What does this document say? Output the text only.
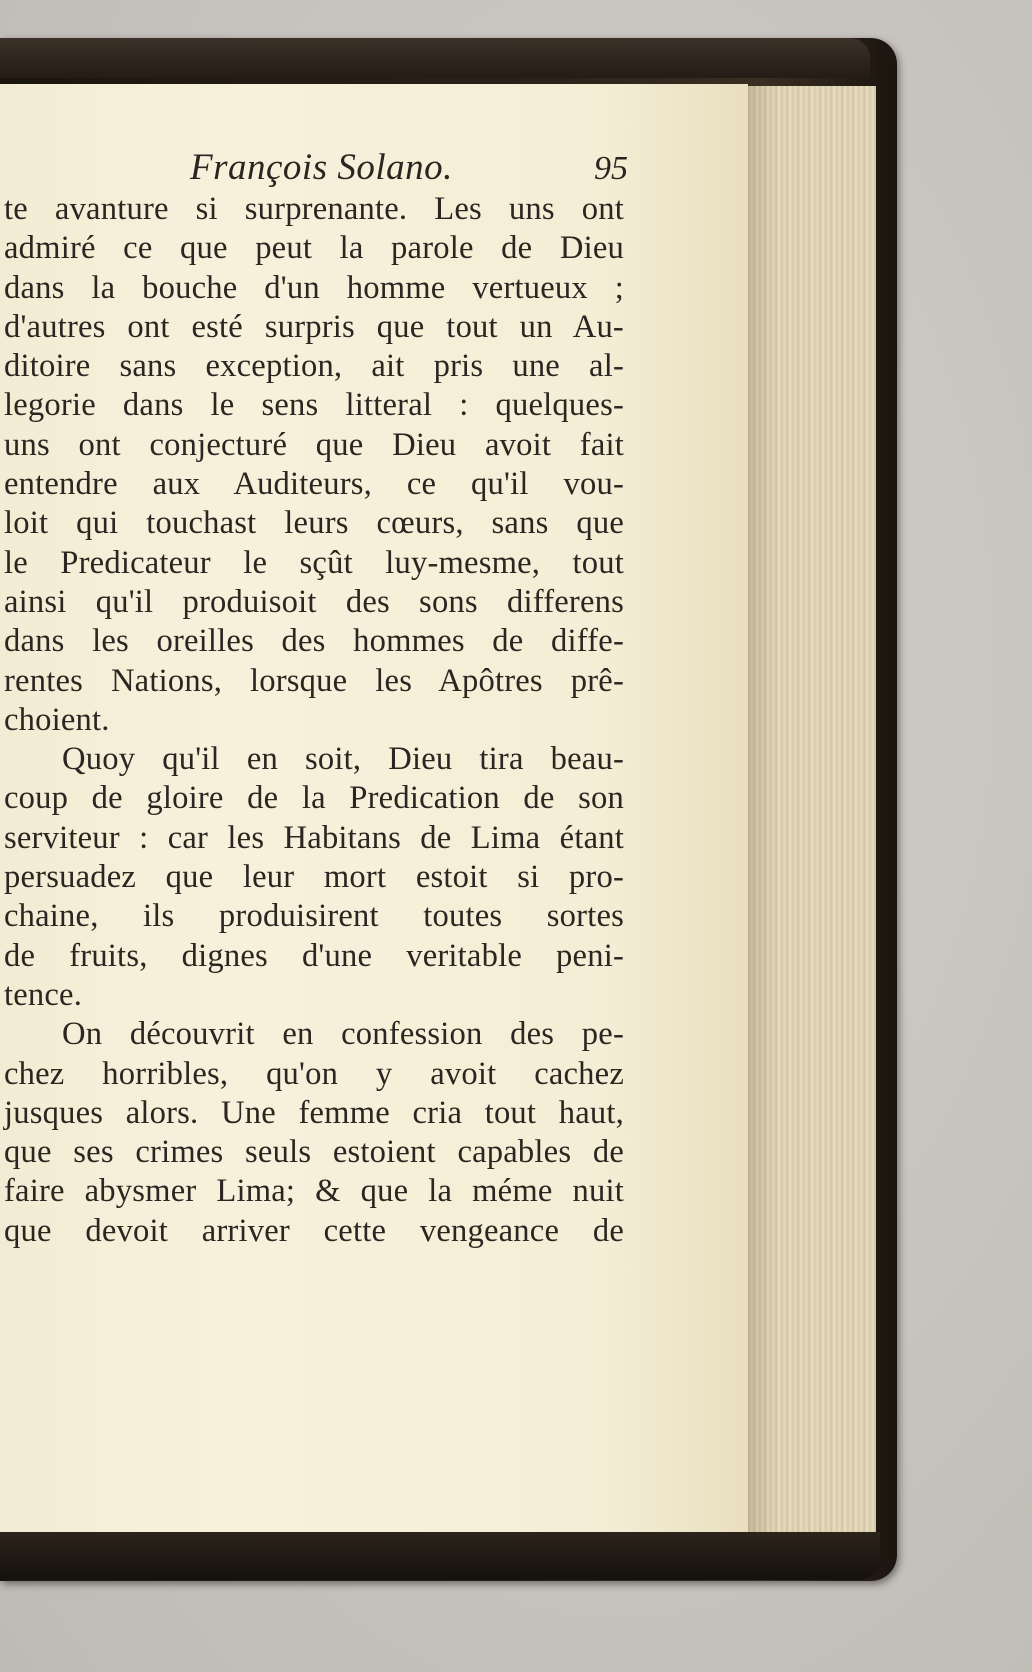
François Solano.	95
te avanture si surprenante. Les uns ont
admiré ce que peut la parole de Dieu
dans la bouche d'un homme vertueux ;
d'autres ont esté surpris que tout un Au-
ditoire sans exception, ait pris une al-
legorie dans le sens litteral : quelques-
uns ont conjecturé que Dieu avoit fait
entendre aux Auditeurs, ce qu'il vou-
loit qui touchast leurs cœurs, sans que
le Predicateur le sçût luy-mesme, tout
ainsi qu'il produisoit des sons differens
dans les oreilles des hommes de diffe-
rentes Nations, lorsque les Apôtres prê-
choient.
Quoy qu'il en soit, Dieu tira beau-
coup de gloire de la Predication de son
serviteur : car les Habitans de Lima étant
persuadez que leur mort estoit si pro-
chaine, ils produisirent toutes sortes
de fruits, dignes d'une veritable peni-
tence.
On découvrit en confession des pe-
chez horribles, qu'on y avoit cachez
jusques alors. Une femme cria tout haut,
que ses crimes seuls estoient capables de
faire abysmer Lima; & que la méme nuit
que devoit arriver cette vengeance de
